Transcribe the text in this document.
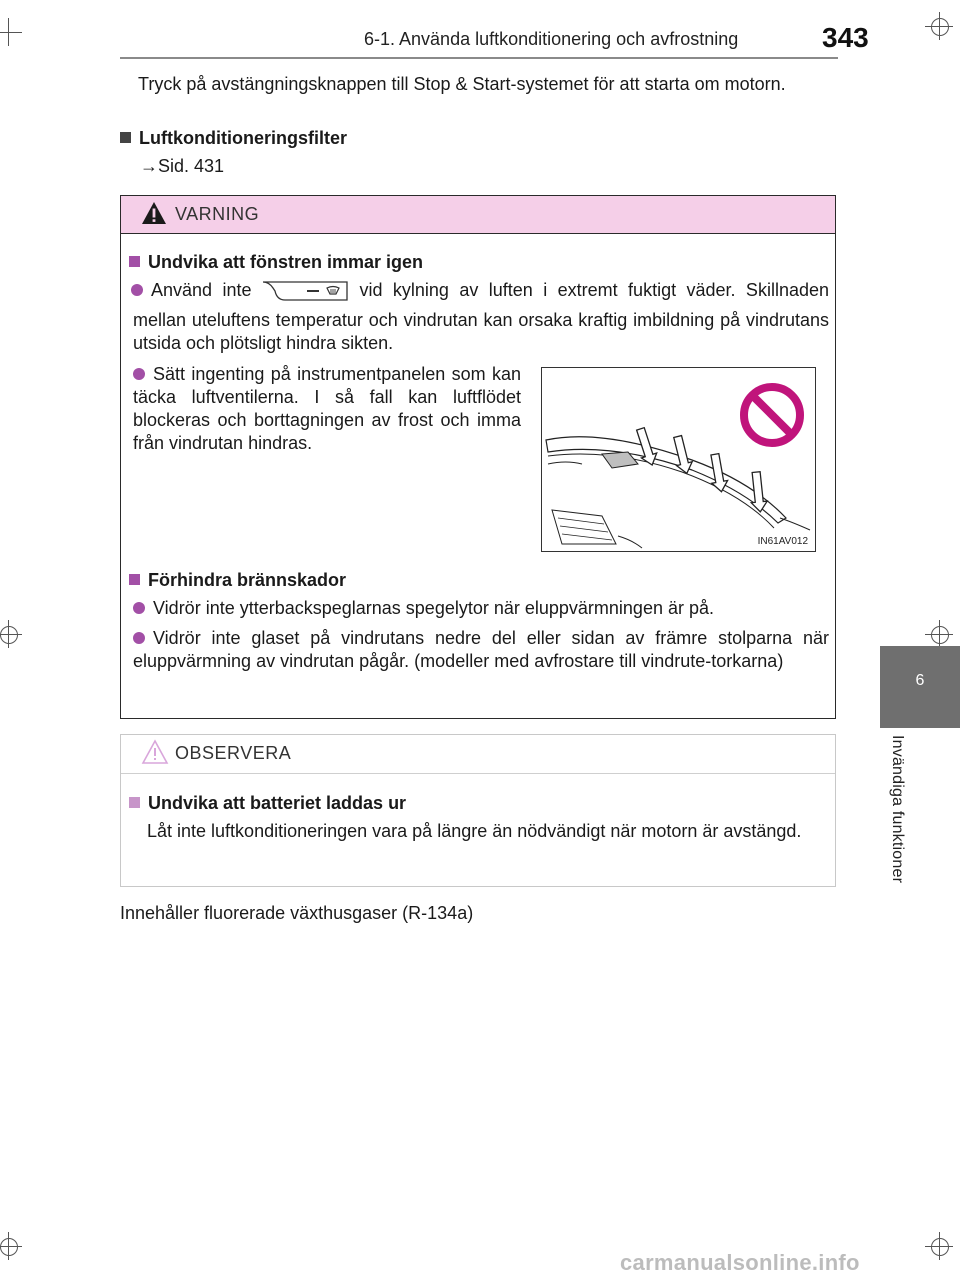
6-1. Använda luftkonditionering och avfrostning	343
6
Invändiga funktioner
Tryck på avstängningsknappen till Stop & Start-systemet för att starta om motorn.
Luftkonditioneringsfilter
→Sid. 431
VARNING
Undvika att fönstren immar igen
Använd inte	vid kylning av luften i extremt fuktigt väder. Skillnaden mellan uteluftens temperatur och vindrutan kan orsaka kraftig imbildning på vindrutans utsida och plötsligt hindra sikten.
Sätt ingenting på instrumentpanelen som kan täcka luftventilerna. I så fall kan luftflödet blockeras och borttagningen av frost och imma från vindrutan hindras.
IN61AV012
Förhindra brännskador
Vidrör inte ytterbackspeglarnas spegelytor när eluppvärmningen är på.
Vidrör inte glaset på vindrutans nedre del eller sidan av främre stolparna när eluppvärmning av vindrutan pågår. (modeller med avfrostare till vindrute-torkarna)
OBSERVERA
Undvika att batteriet laddas ur
Låt inte luftkonditioneringen vara på längre än nödvändigt när motorn är avstängd.
Innehåller fluorerade växthusgaser (R-134a)
carmanualsonline.info
